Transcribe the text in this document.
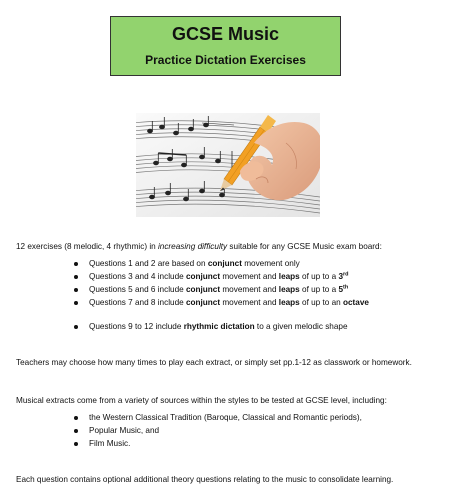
GCSE Music
Practice Dictation Exercises
12 exercises (8 melodic, 4 rhythmic) in increasing difficulty suitable for any GCSE Music exam board:
Questions 1 and 2 are based on conjunct movement only
Questions 3 and 4 include conjunct movement and leaps of up to a 3rd
Questions 5 and 6 include conjunct movement and leaps of up to a 5th
Questions 7 and 8 include conjunct movement and leaps of up to an octave
Questions 9 to 12 include rhythmic dictation to a given melodic shape
Teachers may choose how many times to play each extract, or simply set pp.1-12 as classwork or homework.
Musical extracts come from a variety of sources within the styles to be tested at GCSE level, including:
the Western Classical Tradition (Baroque, Classical and Romantic periods),
Popular Music, and
Film Music.
Each question contains optional additional theory questions relating to the music to consolidate learning.
